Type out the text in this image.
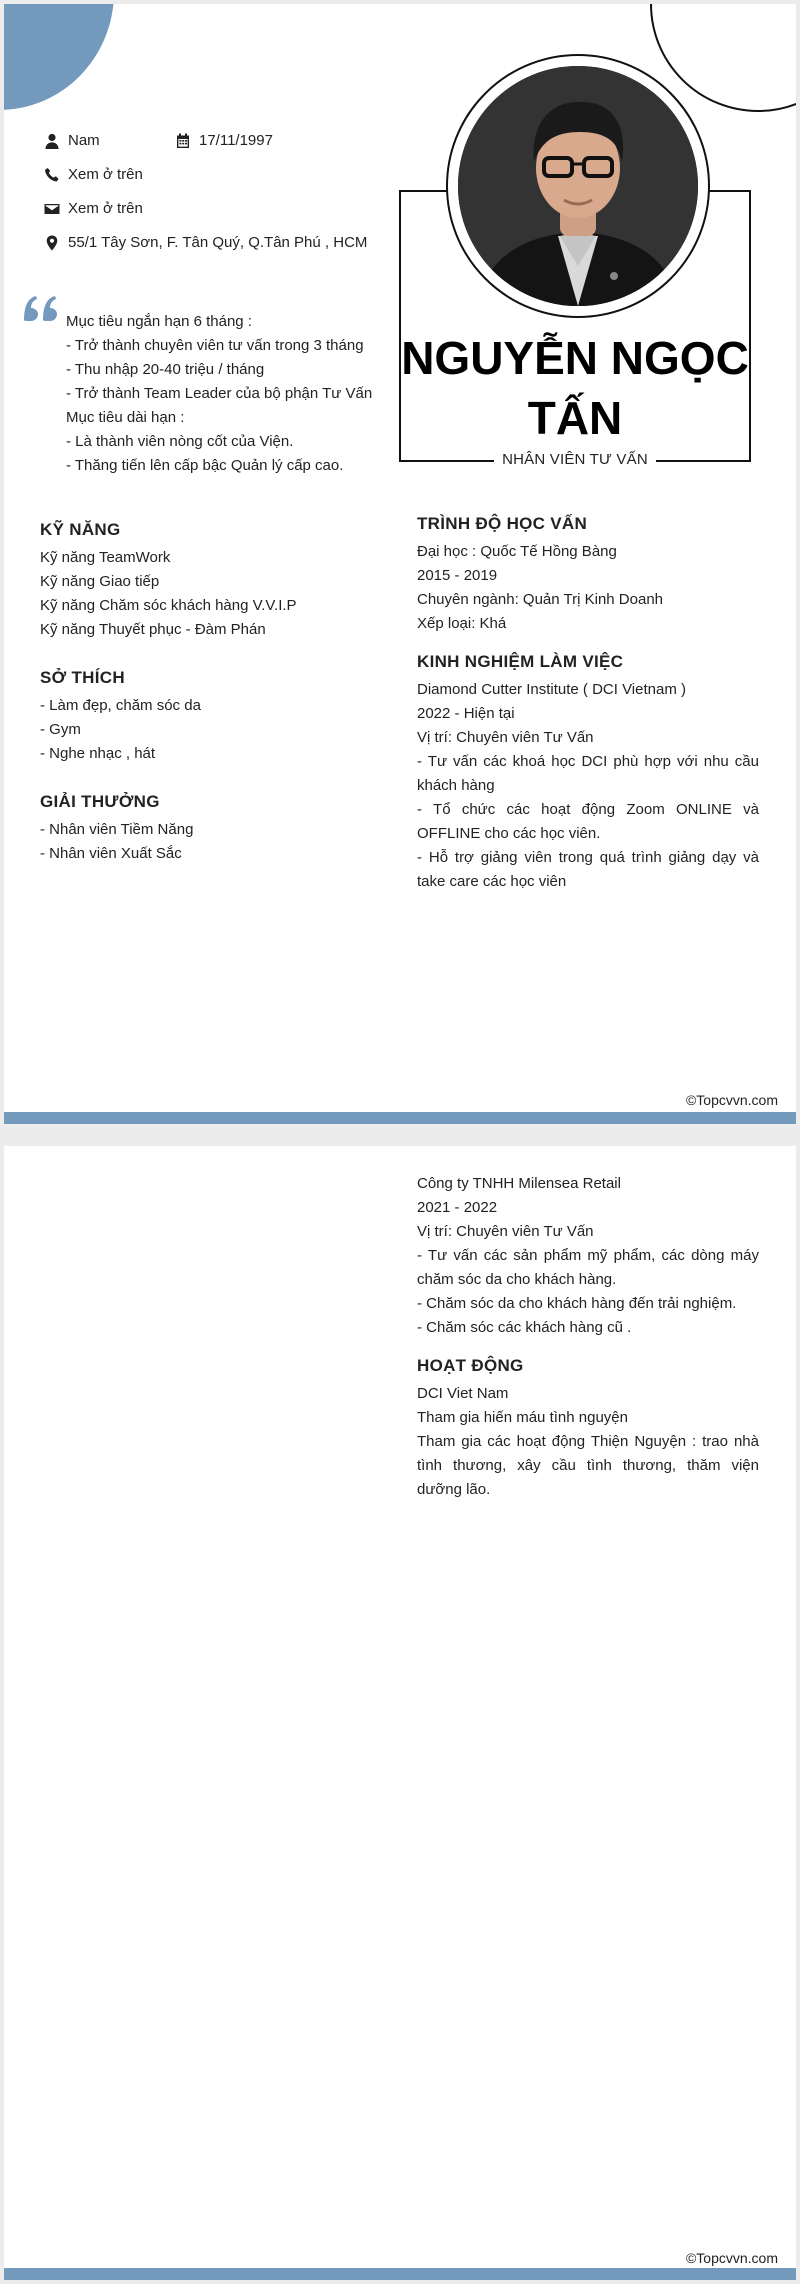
Nam	17/11/1997
Xem ở trên
Xem ở trên
55/1 Tây Sơn, F. Tân Quý, Q.Tân Phú , HCM
NGUYỄN NGỌC TẤN
NHÂN VIÊN TƯ VẤN
Mục tiêu ngắn hạn 6 tháng :
- Trở thành chuyên viên tư vấn trong 3 tháng
- Thu nhập 20-40 triệu / tháng
- Trở thành Team Leader của bộ phận Tư Vấn
Mục tiêu dài hạn :
- Là thành viên nòng cốt của Viện.
- Thăng tiến lên cấp bậc Quản lý cấp cao.
KỸ NĂNG
Kỹ năng TeamWork
Kỹ năng Giao tiếp
Kỹ năng Chăm sóc khách hàng V.V.I.P
Kỹ năng Thuyết phục - Đàm Phán
SỞ THÍCH
- Làm đẹp, chăm sóc da
- Gym
- Nghe nhạc , hát
GIẢI THƯỞNG
- Nhân viên Tiềm Năng
- Nhân viên Xuất Sắc
TRÌNH ĐỘ HỌC VẤN
Đại học : Quốc Tế Hồng Bàng
2015 - 2019
Chuyên ngành: Quản Trị Kinh Doanh
Xếp loại: Khá
KINH NGHIỆM LÀM VIỆC
Diamond Cutter Institute ( DCI Vietnam )
2022 - Hiện tại
Vị trí: Chuyên viên Tư Vấn
- Tư vấn các khoá học DCI phù hợp với nhu cầu khách hàng
- Tổ chức các hoạt động Zoom ONLINE và OFFLINE cho các học viên.
- Hỗ trợ giảng viên trong quá trình giảng dạy và take care các học viên
©Topcvvn.com
Công ty TNHH Milensea Retail
2021 - 2022
Vị trí: Chuyên viên Tư Vấn
- Tư vấn các sản phẩm mỹ phẩm, các dòng máy chăm sóc da cho khách hàng.
- Chăm sóc da cho khách hàng đến trải nghiệm.
- Chăm sóc các khách hàng cũ .
HOẠT ĐỘNG
DCI Viet Nam
Tham gia hiến máu tình nguyện
Tham gia các hoạt động Thiện Nguyện : trao nhà tình thương, xây cầu tình thương, thăm viện dưỡng lão.
©Topcvvn.com
